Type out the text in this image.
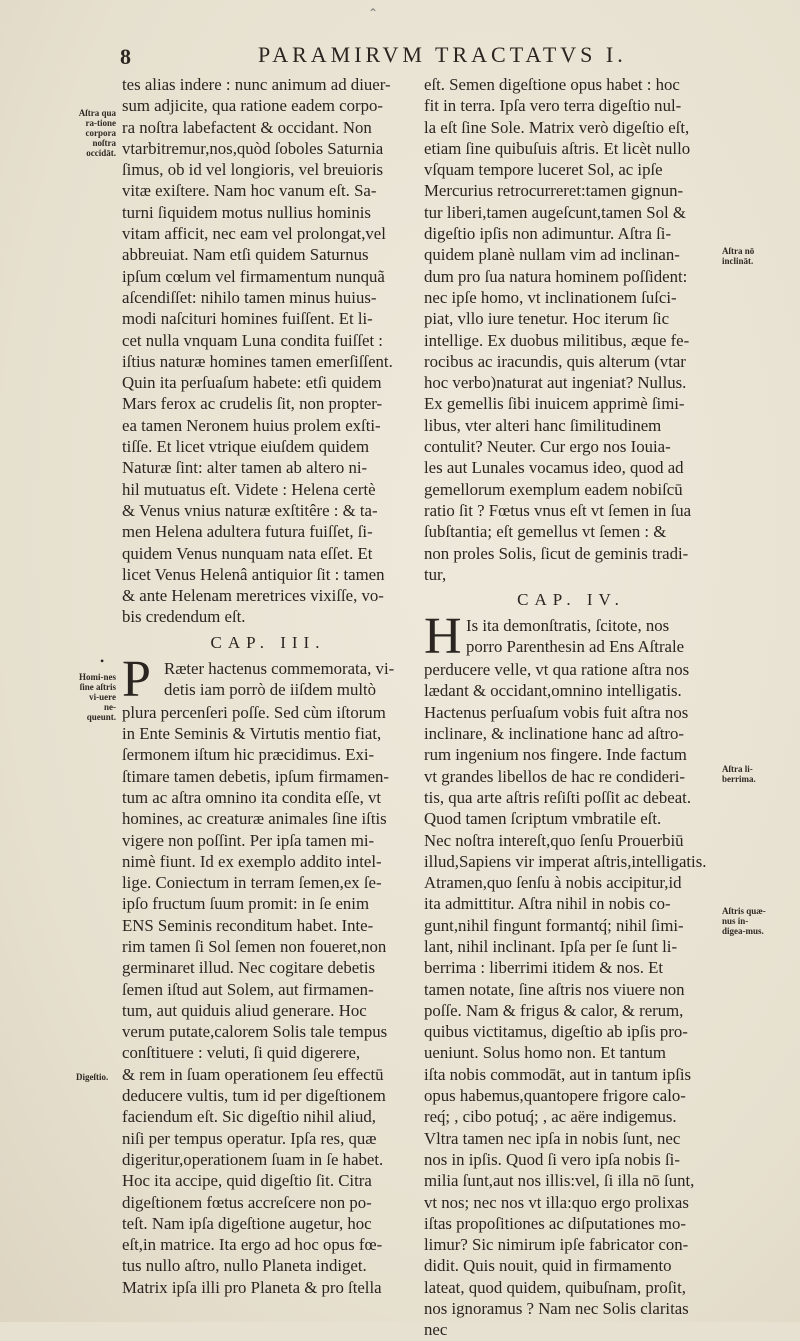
⌃
8	PARAMIRVM TRACTATVS I.
tes alias indere : nunc animum ad diuer-
sum adjicite, qua ratione eadem corpo-
ra noſtra labefactent & occidant. Non
vtarbitremur,nos,quòd ſoboles Saturnia
ſimus, ob id vel longioris, vel breuioris
vitæ exiſtere. Nam hoc vanum eſt. Sa-
turni ſiquidem motus nullius hominis
vitam afficit, nec eam vel prolongat,vel
abbreuiat. Nam etſi quidem Saturnus
ipſum cœlum vel firmamentum nunquã
aſcendiſſet: nihilo tamen minus huius-
modi naſcituri homines fuiſſent. Et li-
cet nulla vnquam Luna condita fuiſſet :
iſtius naturæ homines tamen emerſiſſent.
Quin ita perſuaſum habete: etſi quidem
Mars ferox ac crudelis ſit, non propter-
ea tamen Neronem huius prolem exſti-
tiſſe. Et licet vtrique eiuſdem quidem
Naturæ ſint: alter tamen ab altero ni-
hil mutuatus eſt. Videte : Helena certè
& Venus vnius naturæ exſtitêre : & ta-
men Helena adultera futura fuiſſet, ſi-
quidem Venus nunquam nata eſſet. Et
licet Venus Helenâ antiquior ſit : tamen
& ante Helenam meretrices vixiſſe, vo-
bis credendum eſt.
CAP. III.
P Ræter hactenus commemorata, vi-
detis iam porrò de iiſdem multò
plura percenſeri poſſe. Sed cùm iſtorum
in Ente Seminis & Virtutis mentio fiat,
ſermonem iſtum hic præcidimus. Exi-
ſtimare tamen debetis, ipſum firmamen-
tum ac aſtra omnino ita condita eſſe, vt
homines, ac creaturæ animales ſine iſtis
vigere non poſſint. Per ipſa tamen mi-
nimè fiunt. Id ex exemplo addito intel-
lige. Coniectum in terram ſemen,ex ſe-
ipſo fructum ſuum promit: in ſe enim
ENS Seminis reconditum habet. Inte-
rim tamen ſi Sol ſemen non foueret,non
germinaret illud. Nec cogitare debetis
ſemen iſtud aut Solem, aut firmamen-
tum, aut quiduis aliud generare. Hoc
verum putate,calorem Solis tale tempus
conſtituere : veluti, ſi quid digerere,
& rem in ſuam operationem ſeu effectū
deducere vultis, tum id per digeſtionem
faciendum eſt. Sic digeſtio nihil aliud,
niſi per tempus operatur. Ipſa res, quæ
digeritur,operationem ſuam in ſe habet.
Hoc ita accipe, quid digeſtio ſit. Citra
digeſtionem fœtus accreſcere non po-
teſt. Nam ipſa digeſtione augetur, hoc
eſt,in matrice. Ita ergo ad hoc opus fœ-
tus nullo aſtro, nullo Planeta indiget.
Matrix ipſa illi pro Planeta & pro ſtella
eſt. Semen digeſtione opus habet : hoc
fit in terra. Ipſa vero terra digeſtio nul-
la eſt ſine Sole. Matrix verò digeſtio eſt,
etiam ſine quibuſuis aſtris. Et licèt nullo
vſquam tempore luceret Sol, ac ipſe
Mercurius retrocurreret:tamen gignun-
tur liberi,tamen augeſcunt,tamen Sol &
digeſtio ipſis non adimuntur. Aſtra ſi-
quidem planè nullam vim ad inclinan-
dum pro ſua natura hominem poſſident:
nec ipſe homo, vt inclinationem ſuſci-
piat, vllo iure tenetur. Hoc iterum ſic
intellige. Ex duobus militibus, æque fe-
rocibus ac iracundis, quis alterum (vtar
hoc verbo)naturat aut ingeniat? Nullus.
Ex gemellis ſibi inuicem apprimè ſimi-
libus, vter alteri hanc ſimilitudinem
contulit? Neuter. Cur ergo nos Iouia-
les aut Lunales vocamus ideo, quod ad
gemellorum exemplum eadem nobiſcū
ratio ſit ? Fœtus vnus eſt vt ſemen in ſua
ſubſtantia; eſt gemellus vt ſemen : &
non proles Solis, ſicut de geminis tradi-
tur,
CAP. IV.
H Is ita demonſtratis, ſcitote, nos
porro Parenthesin ad Ens Aſtrale
perducere velle, vt qua ratione aſtra nos
lædant & occidant,omnino intelligatis.
Hactenus perſuaſum vobis fuit aſtra nos
inclinare, & inclinatione hanc ad aſtro-
rum ingenium nos fingere. Inde factum
vt grandes libellos de hac re condideri-
tis, qua arte aſtris reſiſti poſſit ac debeat.
Quod tamen ſcriptum vmbratile eſt.
Nec noſtra intereſt,quo ſenſu Prouerbiū
illud,Sapiens vir imperat aſtris,intelligatis.
Atramen,quo ſenſu à nobis accipitur,id
ita admittitur. Aſtra nihil in nobis co-
gunt,nihil fingunt formantq́; nihil ſimi-
lant, nihil inclinant. Ipſa per ſe ſunt li-
berrima : liberrimi itidem & nos. Et
tamen notate, ſine aſtris nos viuere non
poſſe. Nam & frigus & calor, & rerum,
quibus victitamus, digeſtio ab ipſis pro-
ueniunt. Solus homo non. Et tantum
iſta nobis commodāt, aut in tantum ipſis
opus habemus,quantopere frigore calo-
req́; , cibo potuq́; , ac aëre indigemus.
Vltra tamen nec ipſa in nobis ſunt, nec
nos in ipſis. Quod ſi vero ipſa nobis ſi-
milia ſunt,aut nos illis:vel, ſi illa nō ſunt,
vt nos; nec nos vt illa:quo ergo prolixas
iſtas propoſitiones ac diſputationes mo-
limur? Sic nimirum ipſe fabricator con-
didit. Quis nouit, quid in firmamento
lateat, quod quidem, quibuſnam, proſit,
nos ignoramus ? Nam nec Solis claritas
nec
Aſtra qua ra-tione corpora noſtra occidāt.
Homi-nes ſine aſtris vi-uere ne-queunt.
Digeſtio.
Aſtra nō inclināt.
Aſtra li-berrima.
Aſtris quæ-nus in-digea-mus.
•
